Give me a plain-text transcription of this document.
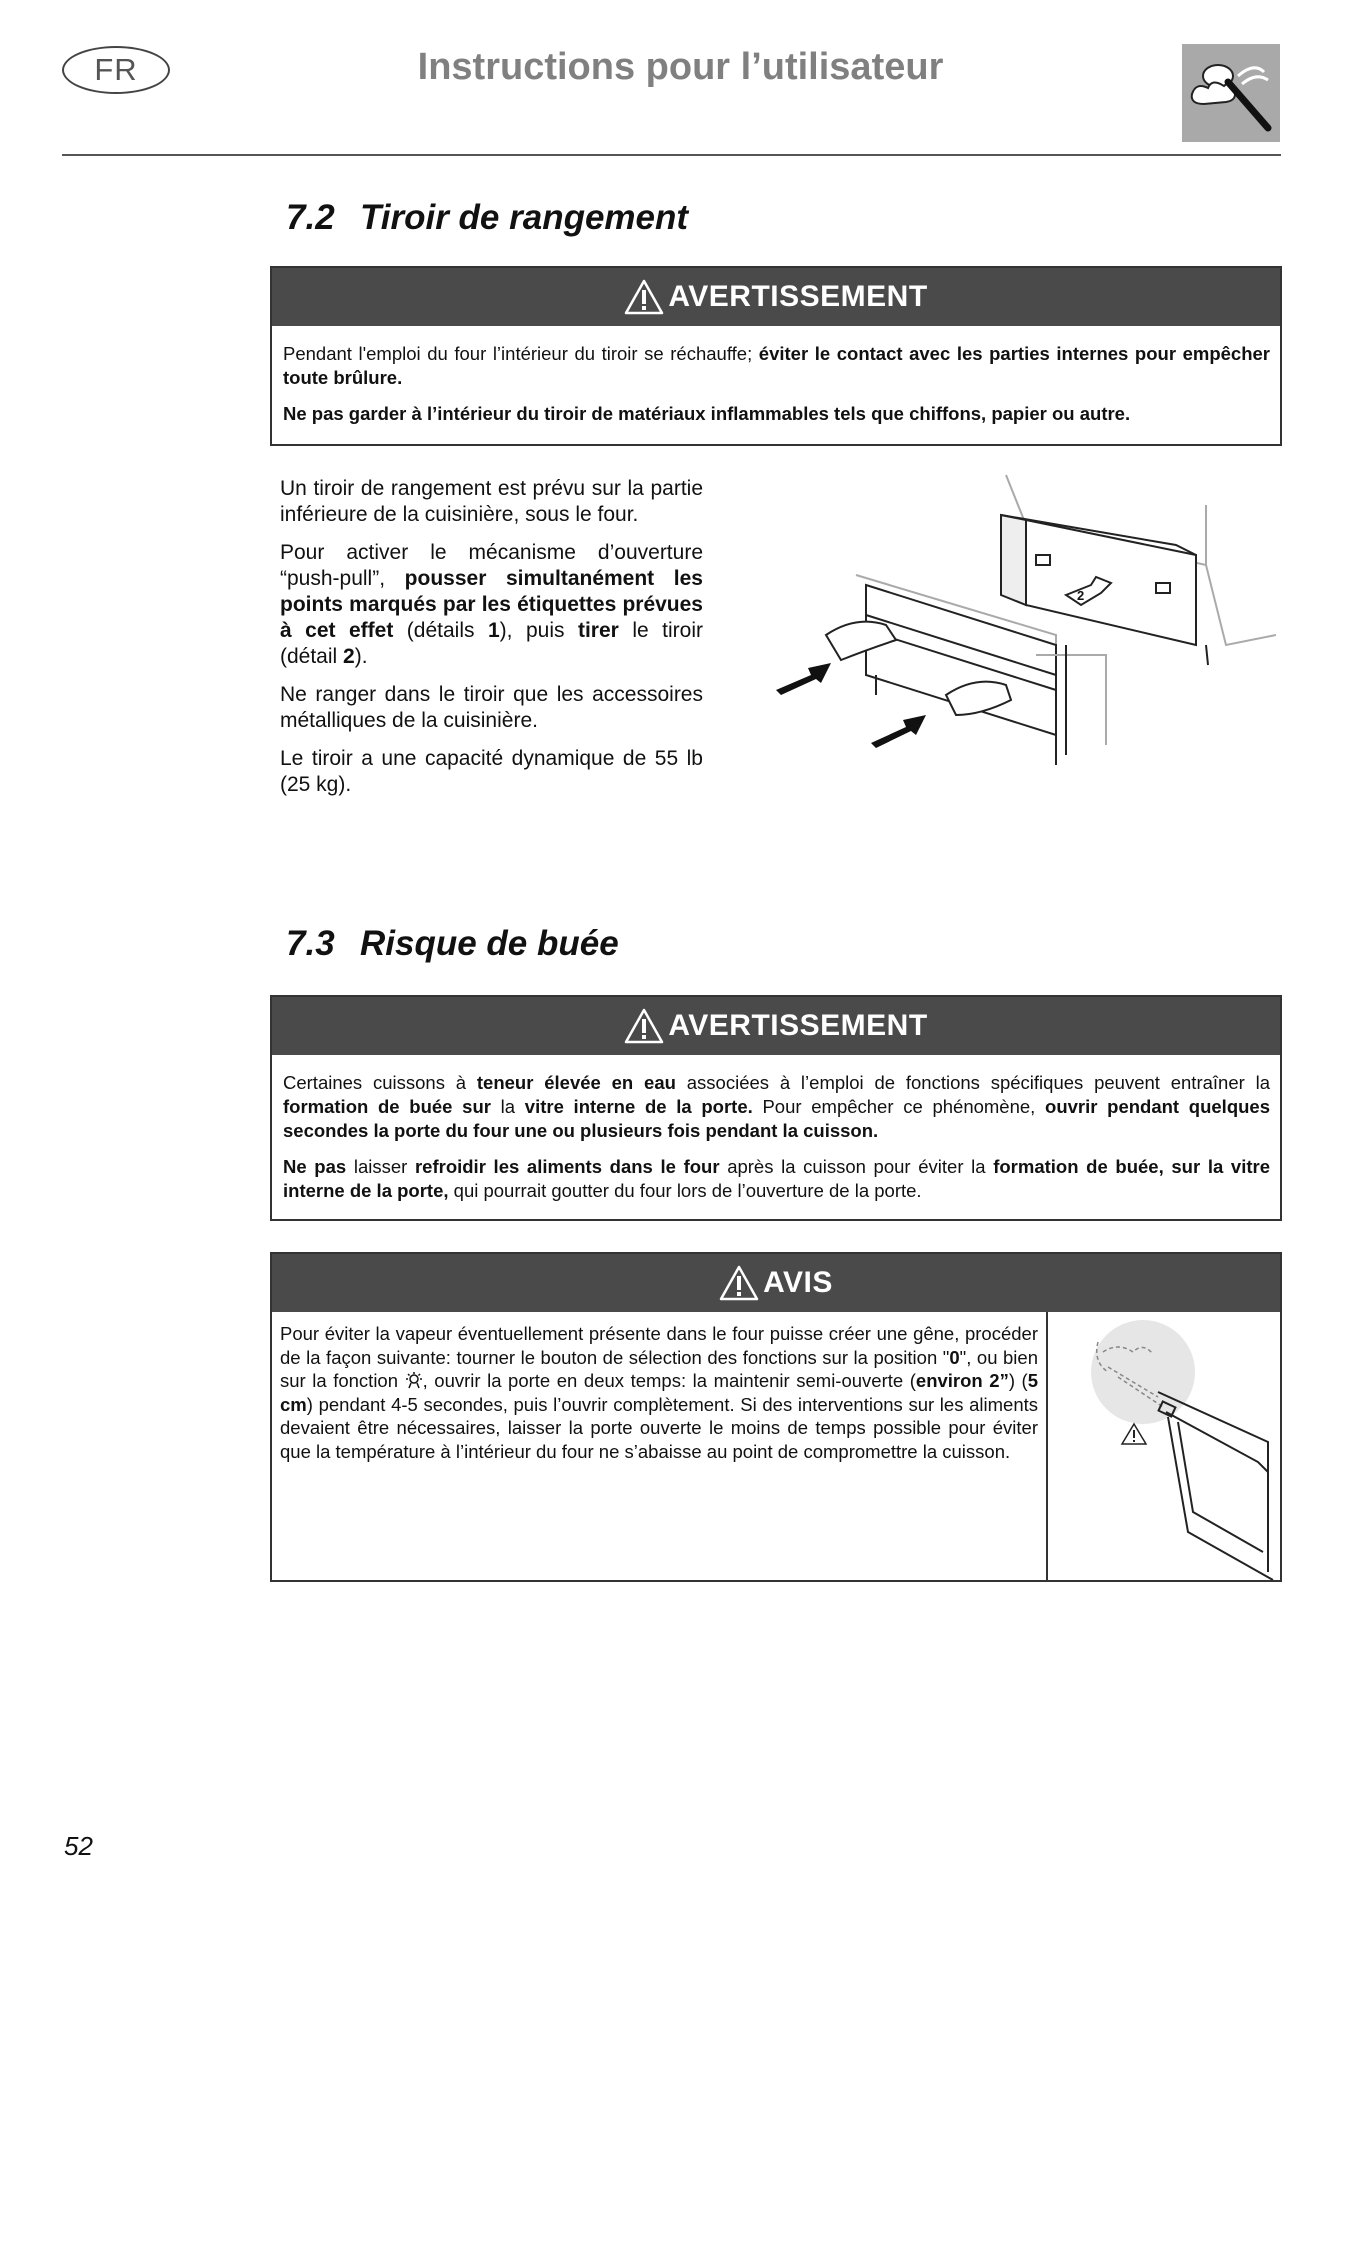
FR	Instructions pour l’utilisateur
7.2 Tiroir de rangement
AVERTISSEMENT

Pendant l'emploi du four l’intérieur du tiroir se réchauffe; éviter le contact avec les parties internes pour empêcher toute brûlure.

Ne pas garder à l’intérieur du tiroir de matériaux inflammables tels que chiffons, papier ou autre.

Un tiroir de rangement est prévu sur la partie inférieure de la cuisinière, sous le four.

Pour activer le mécanisme d’ouverture “push-pull”, pousser simultanément les points marqués par les étiquettes prévues à cet effet (détails 1), puis tirer le tiroir (détail 2).

Ne ranger dans le tiroir que les accessoires métalliques de la cuisinière.

Le tiroir a une capacité dynamique de 55 lb (25 kg).

1
2
7.3 Risque de buée
AVERTISSEMENT

Certaines cuissons à teneur élevée en eau associées à l’emploi de fonctions spécifiques peuvent entraîner la formation de buée sur la vitre interne de la porte. Pour empêcher ce phénomène, ouvrir pendant quelques secondes la porte du four une ou plusieurs fois pendant la cuisson.

Ne pas laisser refroidir les aliments dans le four après la cuisson pour éviter la formation de buée, sur la vitre interne de la porte, qui pourrait goutter du four lors de l’ouverture de la porte.

AVIS
Pour éviter la vapeur éventuellement présente dans le four puisse créer une gêne, procéder de la façon suivante: tourner le bouton de sélection des fonctions sur la position "0", ou bien sur la fonction , ouvrir la porte en deux temps: la maintenir semi-ouverte (environ 2”) (5 cm) pendant 4-5 secondes, puis l’ouvrir complètement. Si des interventions sur les aliments devaient être nécessaires, laisser la porte ouverte le moins de temps possible pour éviter que la température à l’intérieur du four ne s’abaisse au point de compromettre la cuisson.
52
